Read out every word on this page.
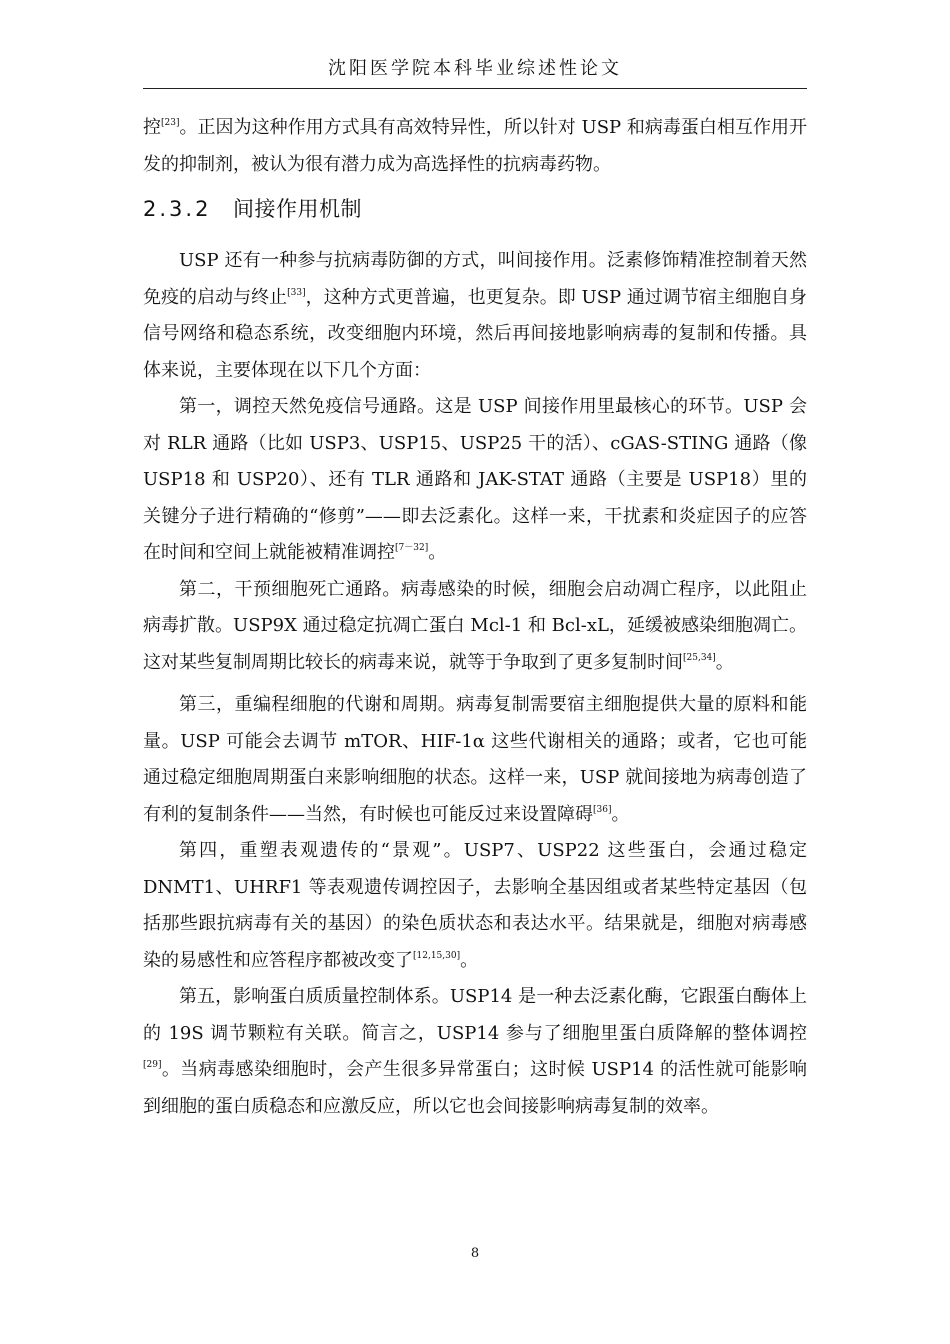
沈阳医学院本科毕业综述性论文

控[23]。正因为这种作用方式具有高效特异性，所以针对 USP 和病毒蛋白相互作用开发的抑制剂，被认为很有潜力成为高选择性的抗病毒药物。

2.3.2 间接作用机制

USP 还有一种参与抗病毒防御的方式，叫间接作用。泛素修饰精准控制着天然免疫的启动与终止[33]，这种方式更普遍，也更复杂。即 USP 通过调节宿主细胞自身信号网络和稳态系统，改变细胞内环境，然后再间接地影响病毒的复制和传播。具体来说，主要体现在以下几个方面：

第一，调控天然免疫信号通路。这是 USP 间接作用里最核心的环节。USP 会对 RLR 通路（比如 USP3、USP15、USP25 干的活）、cGAS-STING 通路（像 USP18 和 USP20）、还有 TLR 通路和 JAK-STAT 通路（主要是 USP18）里的关键分子进行精确的“修剪”——即去泛素化。这样一来，干扰素和炎症因子的应答在时间和空间上就能被精准调控[7－32]。

第二，干预细胞死亡通路。病毒感染的时候，细胞会启动凋亡程序，以此阻止病毒扩散。USP9X 通过稳定抗凋亡蛋白 Mcl-1 和 Bcl-xL，延缓被感染细胞凋亡。这对某些复制周期比较长的病毒来说，就等于争取到了更多复制时间[25,34]。

第三，重编程细胞的代谢和周期。病毒复制需要宿主细胞提供大量的原料和能量。USP 可能会去调节 mTOR、HIF-1α 这些代谢相关的通路；或者，它也可能通过稳定细胞周期蛋白来影响细胞的状态。这样一来，USP 就间接地为病毒创造了有利的复制条件——当然，有时候也可能反过来设置障碍[36]。

第四，重塑表观遗传的“景观”。USP7、USP22 这些蛋白，会通过稳定 DNMT1、UHRF1 等表观遗传调控因子，去影响全基因组或者某些特定基因（包括那些跟抗病毒有关的基因）的染色质状态和表达水平。结果就是，细胞对病毒感染的易感性和应答程序都被改变了[12,15,30]。

第五，影响蛋白质质量控制体系。USP14 是一种去泛素化酶，它跟蛋白酶体上的 19S 调节颗粒有关联。简言之，USP14 参与了细胞里蛋白质降解的整体调控[29]。当病毒感染细胞时，会产生很多异常蛋白；这时候 USP14 的活性就可能影响到细胞的蛋白质稳态和应激反应，所以它也会间接影响病毒复制的效率。

8
